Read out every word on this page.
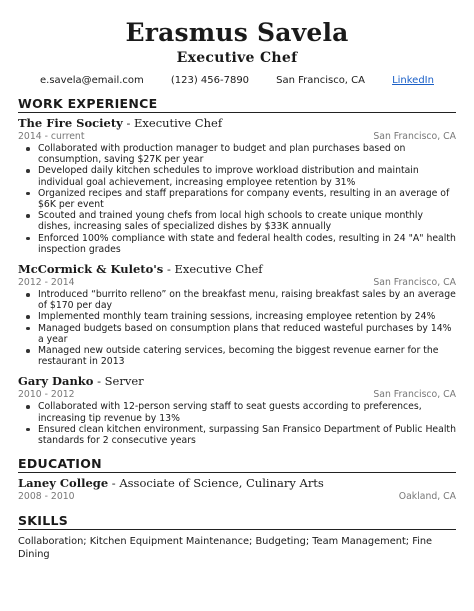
Erasmus Savela
Executive Chef
e.savela@email.com	(123) 456-7890	San Francisco, CA	LinkedIn
WORK EXPERIENCE
The Fire Society - Executive Chef
2014 - current	San Francisco, CA
Collaborated with production manager to budget and plan purchases based on consumption, saving $27K per year
Developed daily kitchen schedules to improve workload distribution and maintain individual goal achievement, increasing employee retention by 31%
Organized recipes and staff preparations for company events, resulting in an average of $6K per event
Scouted and trained young chefs from local high schools to create unique monthly dishes, increasing sales of specialized dishes by $33K annually
Enforced 100% compliance with state and federal health codes, resulting in 24 "A" health inspection grades
McCormick & Kuleto's - Executive Chef
2012 - 2014	San Francisco, CA
Introduced “burrito relleno” on the breakfast menu, raising breakfast sales by an average of $170 per day
Implemented monthly team training sessions, increasing employee retention by 24%
Managed budgets based on consumption plans that reduced wasteful purchases by 14% a year
Managed new outside catering services, becoming the biggest revenue earner for the restaurant in 2013
Gary Danko - Server
2010 - 2012	San Francisco, CA
Collaborated with 12-person serving staff to seat guests according to preferences, increasing tip revenue by 13%
Ensured clean kitchen environment, surpassing San Fransico Department of Public Health standards for 2 consecutive years
EDUCATION
Laney College - Associate of Science, Culinary Arts
2008 - 2010	Oakland, CA
SKILLS
Collaboration; Kitchen Equipment Maintenance; Budgeting; Team Management; Fine Dining
